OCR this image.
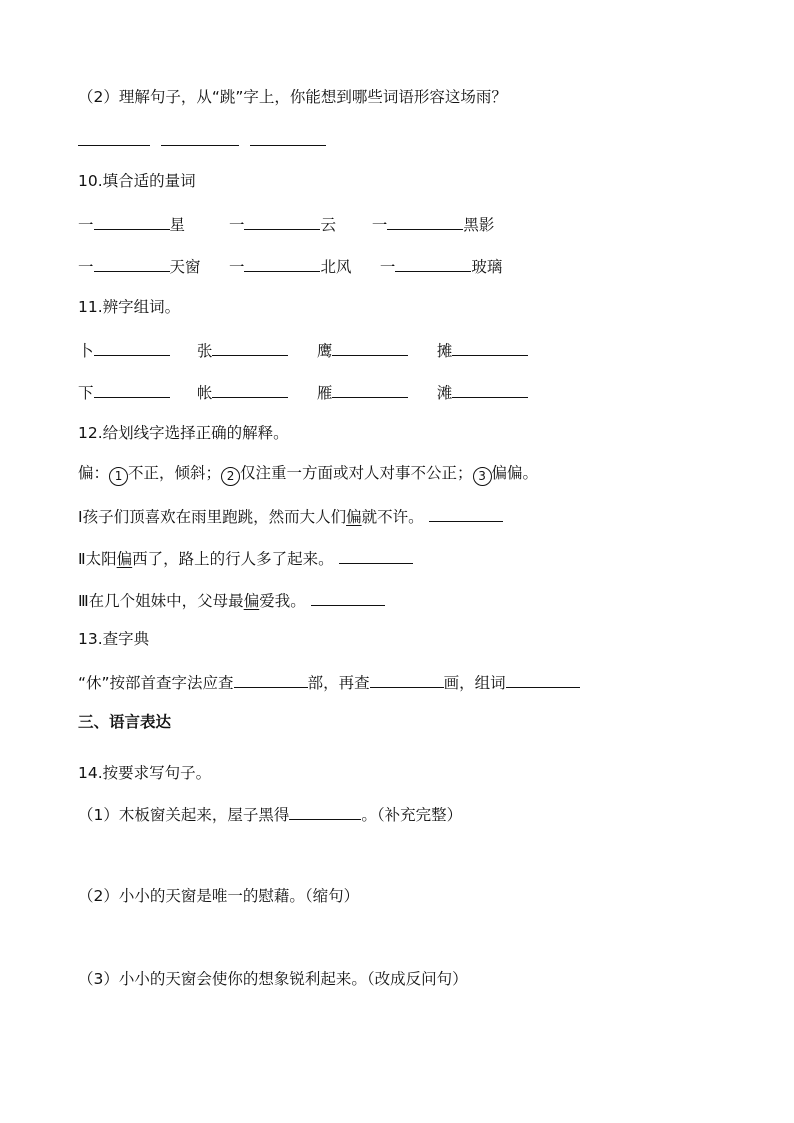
（2）理解句子，从“跳”字上，你能想到哪些词语形容这场雨？

10.填合适的量词
一	星	一	云 一	黑影
一	天窗 一	北风 一	玻璃
11.辨字组词。
卜	张	鹰	摊
下	帐	雁	滩
12.给划线字选择正确的解释。
偏： 1 不正，倾斜； 2 仅注重一方面或对人对事不公正； 3 偏偏。
Ⅰ孩子们顶喜欢在雨里跑跳，然而大人们偏就不许。
Ⅱ太阳偏西了，路上的行人多了起来。
Ⅲ在几个姐妹中，父母最偏爱我。
13.查字典
“休”按部首查字法应查	部，再查	画，组词
三、语言表达
14.按要求写句子。
（1）木板窗关起来，屋子黑得	。（补充完整）
（2）小小的天窗是唯一的慰藉。（缩句）
（3）小小的天窗会使你的想象锐利起来。（改成反问句）
